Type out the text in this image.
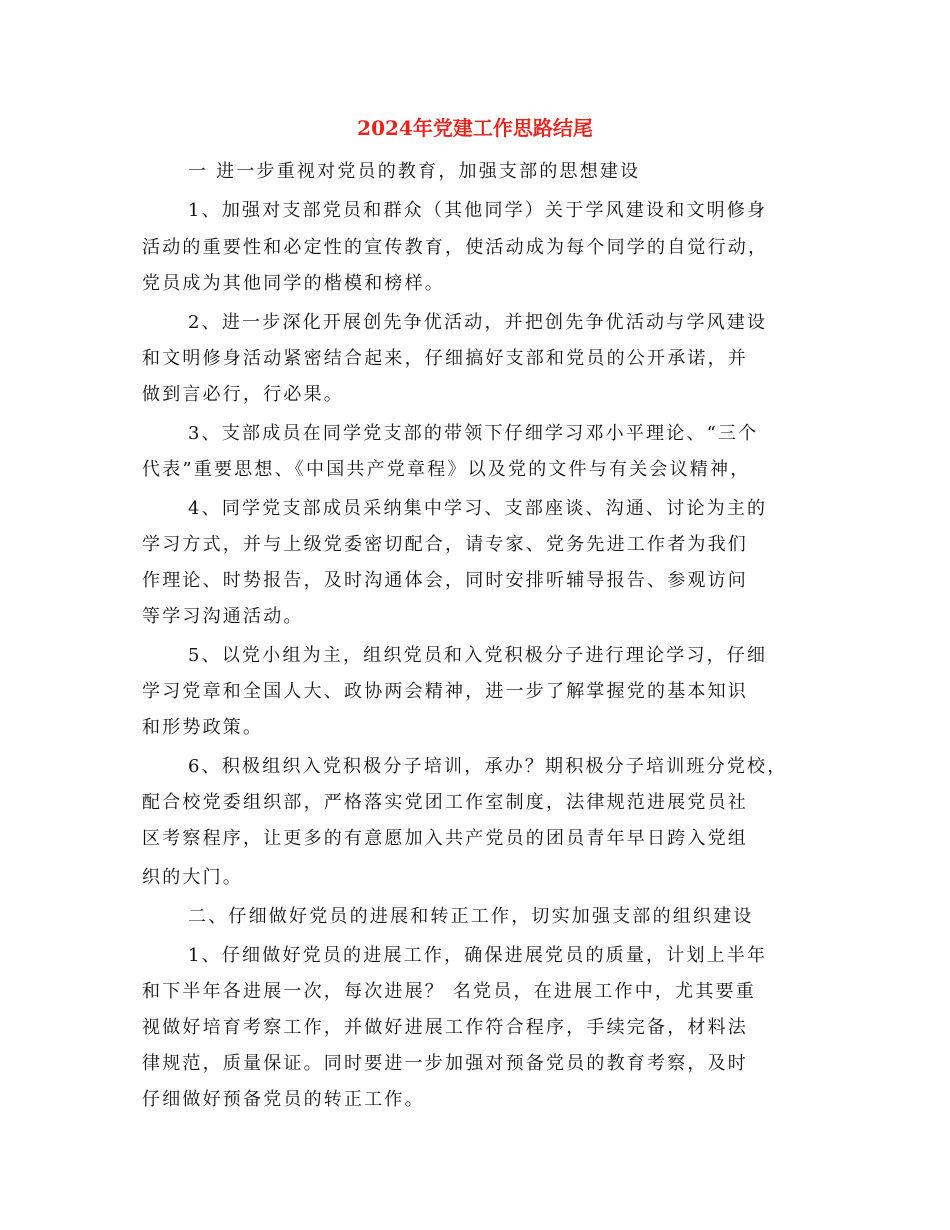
2024年党建工作思路结尾
一 进一步重视对党员的教育，加强支部的思想建设
1、加强对支部党员和群众（其他同学）关于学风建设和文明修身
活动的重要性和必定性的宣传教育，使活动成为每个同学的自觉行动，
党员成为其他同学的楷模和榜样。
2、进一步深化开展创先争优活动，并把创先争优活动与学风建设
和文明修身活动紧密结合起来，仔细搞好支部和党员的公开承诺，并
做到言必行，行必果。
3、支部成员在同学党支部的带领下仔细学习邓小平理论、“三个
代表”重要思想、《中国共产党章程》以及党的文件与有关会议精神，
4、同学党支部成员采纳集中学习、支部座谈、沟通、讨论为主的
学习方式，并与上级党委密切配合，请专家、党务先进工作者为我们
作理论、时势报告，及时沟通体会，同时安排听辅导报告、参观访问
等学习沟通活动。
5、以党小组为主，组织党员和入党积极分子进行理论学习，仔细
学习党章和全国人大、政协两会精神，进一步了解掌握党的基本知识
和形势政策。
6、积极组织入党积极分子培训，承办？期积极分子培训班分党校，
配合校党委组织部，严格落实党团工作室制度，法律规范进展党员社
区考察程序，让更多的有意愿加入共产党员的团员青年早日跨入党组
织的大门。
二、仔细做好党员的进展和转正工作，切实加强支部的组织建设
1、仔细做好党员的进展工作，确保进展党员的质量，计划上半年
和下半年各进展一次，每次进展？ 名党员，在进展工作中，尤其要重
视做好培育考察工作，并做好进展工作符合程序，手续完备，材料法
律规范，质量保证。同时要进一步加强对预备党员的教育考察，及时
仔细做好预备党员的转正工作。
